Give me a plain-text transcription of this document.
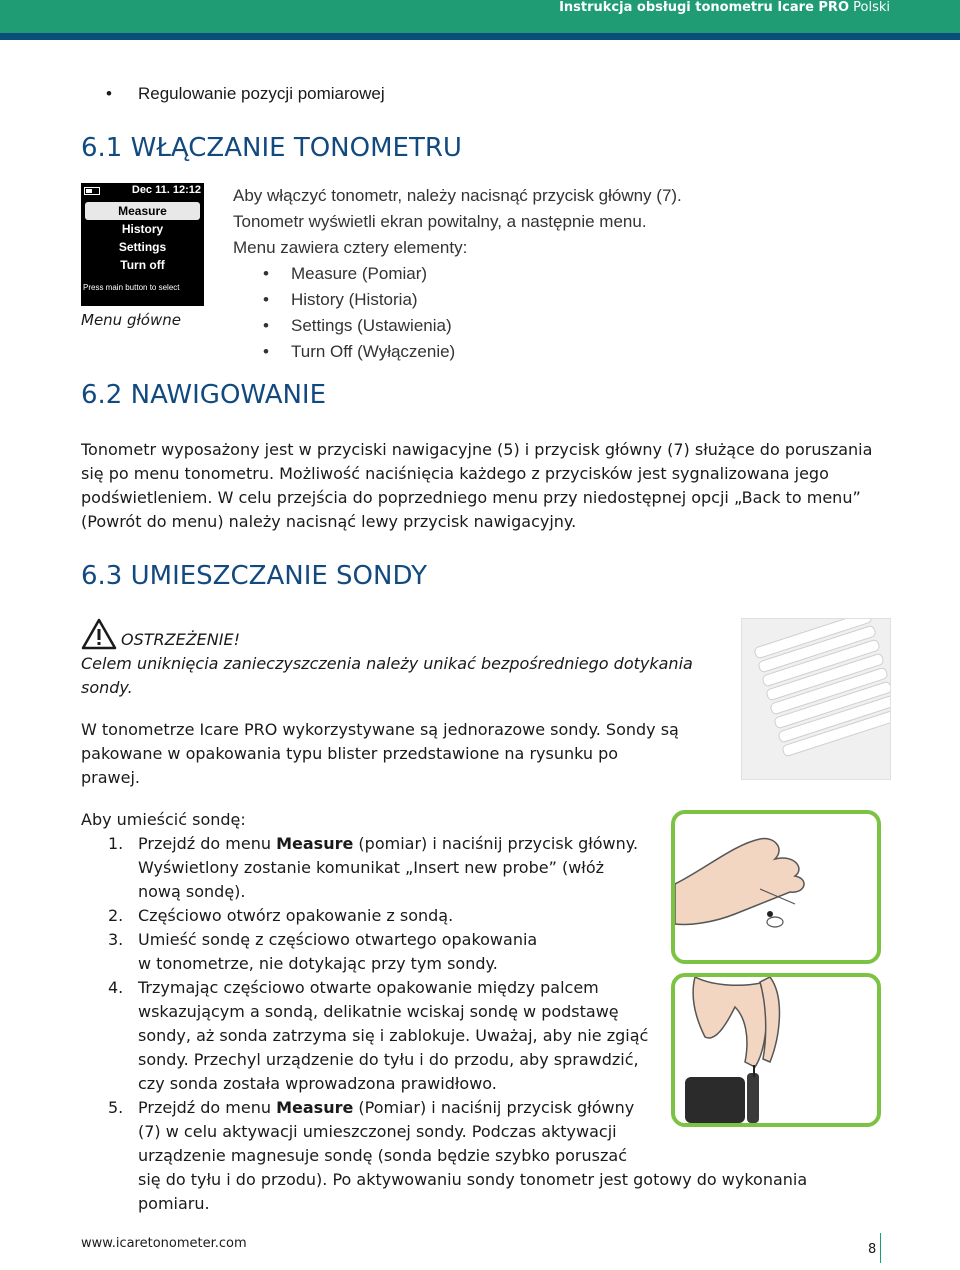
Instrukcja obsługi tonometru Icare PRO Polski
• Regulowanie pozycji pomiarowej
6.1 WŁĄCZANIE TONOMETRU
Dec 11. 12:12
Measure
History
Settings
Turn off
Press main button to select
Menu główne

Aby włączyć tonometr, należy nacisnąć przycisk główny (7).

Tonometr wyświetli ekran powitalny, a następnie menu.

Menu zawiera cztery elementy:

• Measure (Pomiar)
• History (Historia)
• Settings (Ustawienia)
• Turn Off (Wyłączenie)
6.2 NAWIGOWANIE
Tonometr wyposażony jest w przyciski nawigacyjne (5) i przycisk główny (7) służące do poruszania
się po menu tonometru. Możliwość naciśnięcia każdego z przycisków jest sygnalizowana jego
podświetleniem. W celu przejścia do poprzedniego menu przy niedostępnej opcji „Back to menu”
(Powrót do menu) należy nacisnąć lewy przycisk nawigacyjny.
6.3 UMIESZCZANIE SONDY
OSTRZEŻENIE!
Celem uniknięcia zanieczyszczenia należy unikać bezpośredniego dotykania
sondy.
W tonometrze Icare PRO wykorzystywane są jednorazowe sondy. Sondy są
pakowane w opakowania typu blister przedstawione na rysunku po
prawej.
Aby umieścić sondę:
1. Przejdź do menu Measure (pomiar) i naciśnij przycisk główny.
Wyświetlony zostanie komunikat „Insert new probe” (włóż
nową sondę).
2. Częściowo otwórz opakowanie z sondą.
3. Umieść sondę z częściowo otwartego opakowania
w tonometrze, nie dotykając przy tym sondy.
4. Trzymając częściowo otwarte opakowanie między palcem
wskazującym a sondą, delikatnie wciskaj sondę w podstawę
sondy, aż sonda zatrzyma się i zablokuje. Uważaj, aby nie zgiąć
sondy. Przechyl urządzenie do tyłu i do przodu, aby sprawdzić,
czy sonda została wprowadzona prawidłowo.
5. Przejdź do menu Measure (Pomiar) i naciśnij przycisk główny
(7) w celu aktywacji umieszczonej sondy. Podczas aktywacji
urządzenie magnesuje sondę (sonda będzie szybko poruszać
się do tyłu i do przodu). Po aktywowaniu sondy tonometr jest gotowy do wykonania
pomiaru.
www.icaretonometer.com	8
